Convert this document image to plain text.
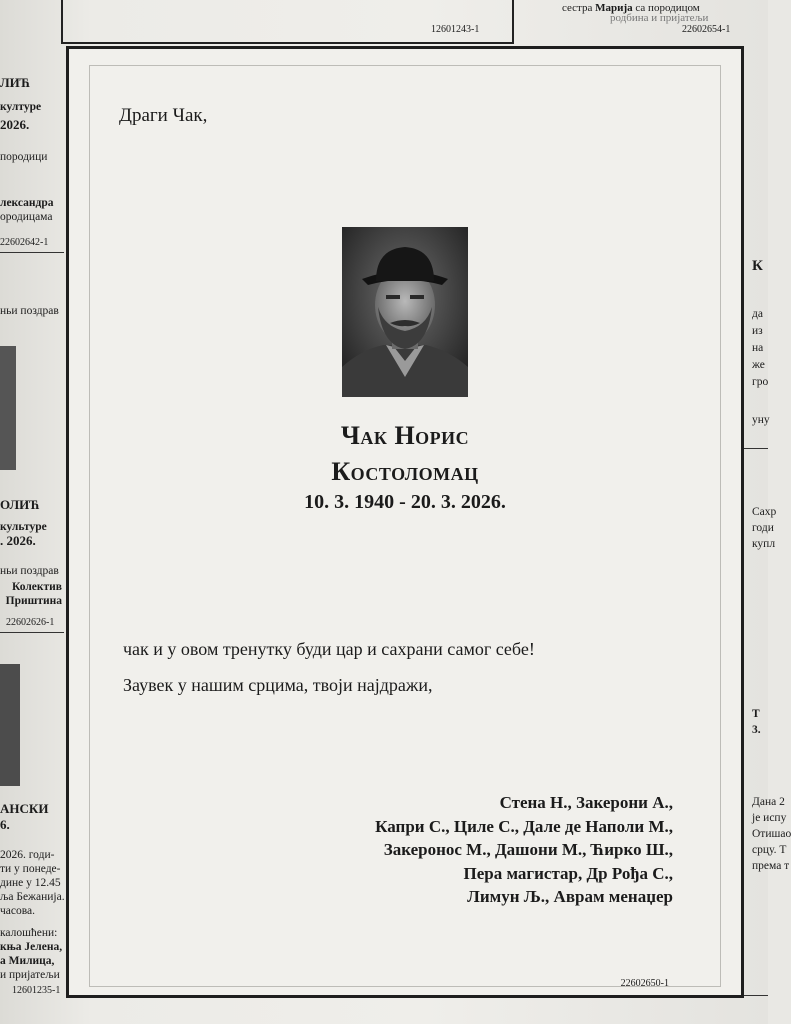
12601243-1
сестра Марија са породицом
родбина и пријатељи
22602654-1
ЛИЋ
културе
2026.
породици
лександра
ородицама
22602642-1
ньи поздрав
ОЛИЋ
культуре
. 2026.
ньи поздрав
Колектив
Приштина
22602626-1
АНСКИ
6.
2026. годи-
ти у понеде-
дине у 12.45
ља Бежанија.
часова.
калошћени:
кња Јелена,
а Милица,
и пријатељи
12601235-1
Драги Чак,
Чак Норис
Костоломац
10. 3. 1940 - 20. 3. 2026.
чак и у овом тренутку буди цар и сахрани самог себе!
Заувек у нашим срцима, твоји најдражи,
Стена Н., Закерони А.,
Капри С., Циле С., Дале де Наполи М.,
Закеронос М., Дашони М., Ћирко Ш.,
Пера магистар, Др Рођа С.,
Лимун Љ., Аврам менаџер
22602650-1
К
да
из
на
же
гро
уну
Сахр
годи
купл
Т
3.
Дана 2
је испу
Отишао
срцу. Т
према т
